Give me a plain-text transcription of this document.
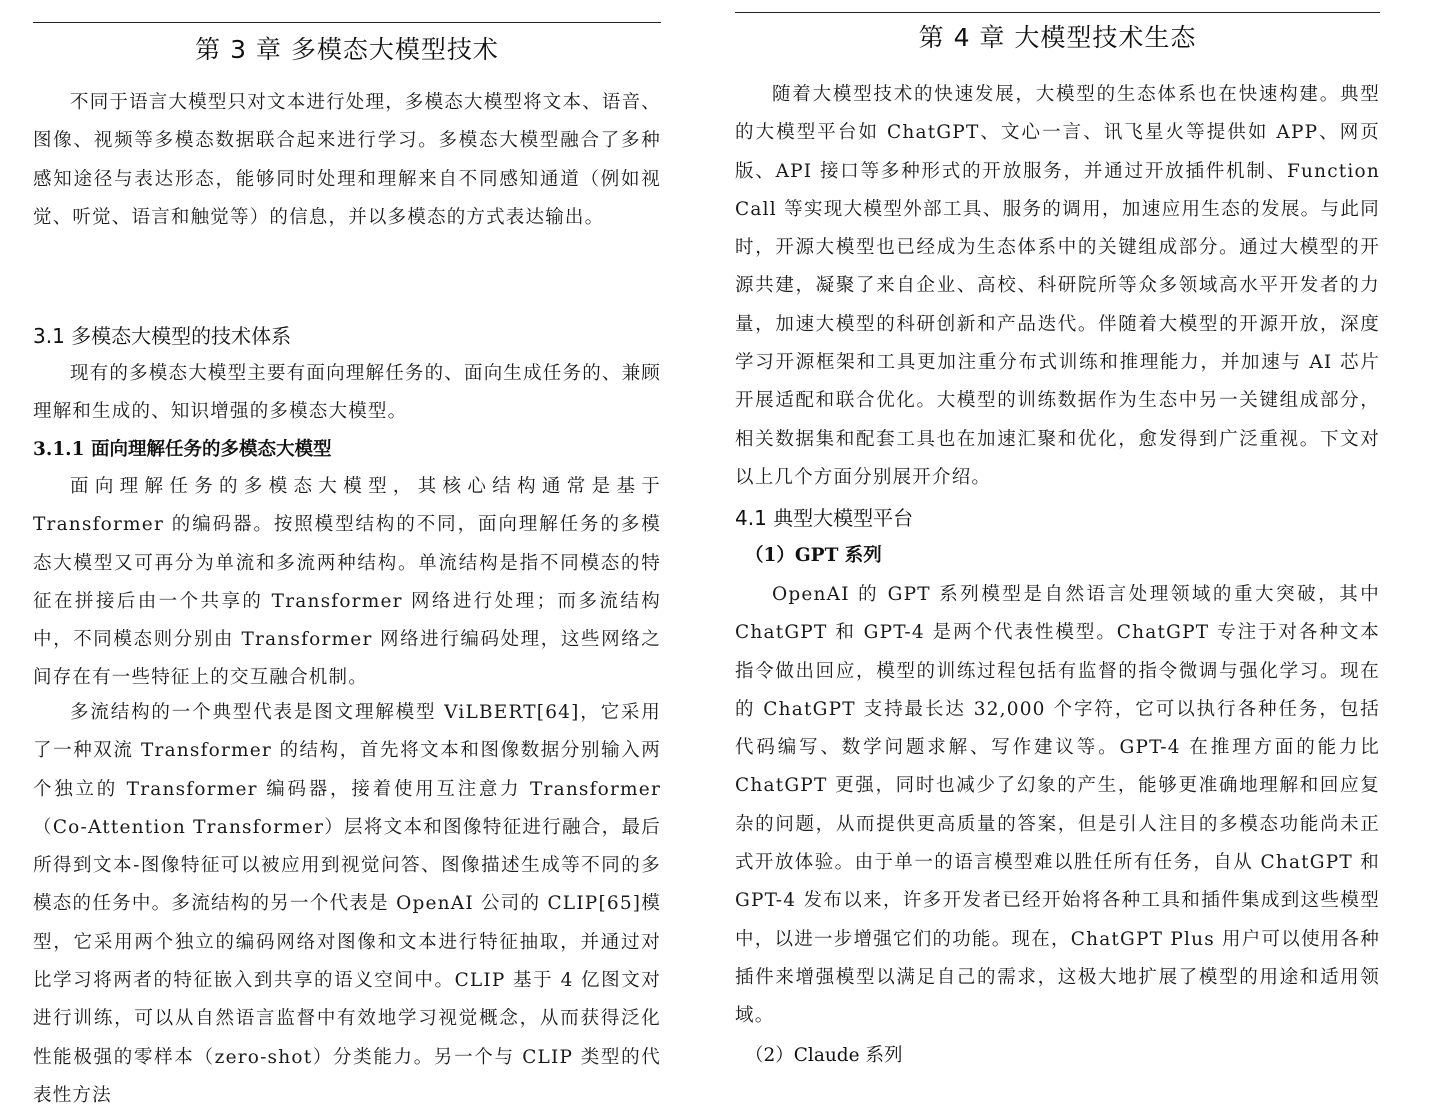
第 3 章 多模态大模型技术
不同于语言大模型只对文本进行处理，多模态大模型将文本、语音、图像、视频等多模态数据联合起来进行学习。多模态大模型融合了多种感知途径与表达形态，能够同时处理和理解来自不同感知通道（例如视觉、听觉、语言和触觉等）的信息，并以多模态的方式表达输出。
3.1 多模态大模型的技术体系
现有的多模态大模型主要有面向理解任务的、面向生成任务的、兼顾理解和生成的、知识增强的多模态大模型。
3.1.1 面向理解任务的多模态大模型
面向理解任务的多模态大模型，其核心结构通常是基于 Transformer 的编码器。按照模型结构的不同，面向理解任务的多模态大模型又可再分为单流和多流两种结构。单流结构是指不同模态的特征在拼接后由一个共享的 Transformer 网络进行处理；而多流结构中，不同模态则分别由 Transformer 网络进行编码处理，这些网络之间存在有一些特征上的交互融合机制。
多流结构的一个典型代表是图文理解模型 ViLBERT[64]，它采用了一种双流 Transformer 的结构，首先将文本和图像数据分别输入两个独立的 Transformer 编码器，接着使用互注意力 Transformer（Co-Attention Transformer）层将文本和图像特征进行融合，最后所得到文本-图像特征可以被应用到视觉问答、图像描述生成等不同的多模态的任务中。多流结构的另一个代表是 OpenAI 公司的 CLIP[65]模型，它采用两个独立的编码网络对图像和文本进行特征抽取，并通过对比学习将两者的特征嵌入到共享的语义空间中。CLIP 基于 4 亿图文对进行训练，可以从自然语言监督中有效地学习视觉概念，从而获得泛化性能极强的零样本（zero-shot）分类能力。另一个与 CLIP 类型的代表性方法
第 4 章 大模型技术生态
随着大模型技术的快速发展，大模型的生态体系也在快速构建。典型的大模型平台如 ChatGPT、文心一言、讯飞星火等提供如 APP、网页版、API 接口等多种形式的开放服务，并通过开放插件机制、Function Call 等实现大模型外部工具、服务的调用，加速应用生态的发展。与此同时，开源大模型也已经成为生态体系中的关键组成部分。通过大模型的开源共建，凝聚了来自企业、高校、科研院所等众多领域高水平开发者的力量，加速大模型的科研创新和产品迭代。伴随着大模型的开源开放，深度学习开源框架和工具更加注重分布式训练和推理能力，并加速与 AI 芯片开展适配和联合优化。大模型的训练数据作为生态中另一关键组成部分，相关数据集和配套工具也在加速汇聚和优化，愈发得到广泛重视。下文对以上几个方面分别展开介绍。
4.1 典型大模型平台
（1）GPT 系列
OpenAI 的 GPT 系列模型是自然语言处理领域的重大突破，其中 ChatGPT 和 GPT-4 是两个代表性模型。ChatGPT 专注于对各种文本指令做出回应，模型的训练过程包括有监督的指令微调与强化学习。现在的 ChatGPT 支持最长达 32,000 个字符，它可以执行各种任务，包括代码编写、数学问题求解、写作建议等。GPT-4 在推理方面的能力比 ChatGPT 更强，同时也减少了幻象的产生，能够更准确地理解和回应复杂的问题，从而提供更高质量的答案，但是引人注目的多模态功能尚未正式开放体验。由于单一的语言模型难以胜任所有任务，自从 ChatGPT 和 GPT-4 发布以来，许多开发者已经开始将各种工具和插件集成到这些模型中，以进一步增强它们的功能。现在，ChatGPT Plus 用户可以使用各种插件来增强模型以满足自己的需求，这极大地扩展了模型的用途和适用领域。
（2）Claude 系列
